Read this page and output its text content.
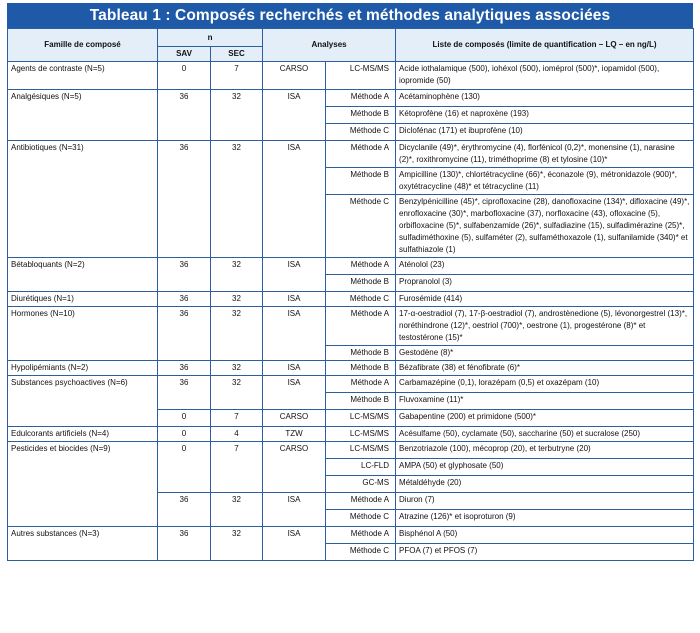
Tableau 1 : Composés recherchés et méthodes analytiques associées
Famille de composé	n		Analyses		Liste de composés (limite de quantification – LQ – en ng/L)
	SAV	SEC			
Agents de contraste (N=5)	0	7	CARSO	LC-MS/MS	Acide iothalamique (500), iohéxol (500), ioméprol (500)*, iopamidol (500), iopromide (50)
Analgésiques (N=5)	36	32	ISA	Méthode A	Acétaminophène (130)
				Méthode B	Kétoprofène (16) et naproxène (193)
				Méthode C	Diclofénac (171) et ibuprofène (10)
Antibiotiques (N=31)	36	32	ISA	Méthode A	Dicyclanile (49)*, érythromycine (4), florfénicol (0,2)*, monensine (1), narasine (2)*, roxithromycine (11), triméthoprime (8) et tylosine (10)*
				Méthode B	Ampicilline (130)*, chlortétracycline (66)*, éconazole (9), métronidazole (900)*, oxytétracycline (48)* et tétracycline (11)
				Méthode C	Benzylpénicilline (45)*, ciprofloxacine (28), danofloxacine (134)*, difloxacine (49)*, enrofloxacine (30)*, marbofloxacine (37), norfloxacine (43), ofloxacine (5), orbifloxacine (5)*, sulfabenzamide (26)*, sulfadiazine (15), sulfadimérazine (25)*, sulfadiméthoxine (5), sulfaméter (2), sulfaméthoxazole (1), sulfanilamide (340)* et sulfathiazole (1)
Bétabloquants (N=2)	36	32	ISA	Méthode A	Aténolol (23)
				Méthode B	Propranolol (3)
Diurétiques (N=1)	36	32	ISA	Méthode C	Furosémide (414)
Hormones (N=10)	36	32	ISA	Méthode A	17-α-oestradiol (7), 17-β-oestradiol (7), androstènedione (5), lévonorgestrel (13)*, noréthindrone (12)*, oestriol (700)*, oestrone (1), progestérone (8)* et testostérone (15)*
				Méthode B	Gestodène (8)*
Hypolipémiants (N=2)	36	32	ISA	Méthode B	Bézafibrate (38) et fénofibrate (6)*
Substances psychoactives (N=6)	36	32	ISA	Méthode A	Carbamazépine (0,1), lorazépam (0,5) et oxazépam (10)
				Méthode B	Fluvoxamine (11)*
	0	7	CARSO	LC-MS/MS	Gabapentine (200) et primidone (500)*
Edulcorants artificiels (N=4)	0	4	TZW	LC-MS/MS	Acésulfame (50), cyclamate (50), saccharine (50) et sucralose (250)
Pesticides et biocides (N=9)	0	7	CARSO	LC-MS/MS	Benzotriazole (100), mécoprop (20), et terbutryne (20)
				LC-FLD	AMPA (50) et glyphosate (50)
				GC-MS	Métaldéhyde (20)
	36	32	ISA	Méthode A	Diuron (7)
				Méthode C	Atrazine (126)* et isoproturon (9)
Autres substances (N=3)	36	32	ISA	Méthode A	Bisphénol A (50)
				Méthode C	PFOA (7) et PFOS (7)
